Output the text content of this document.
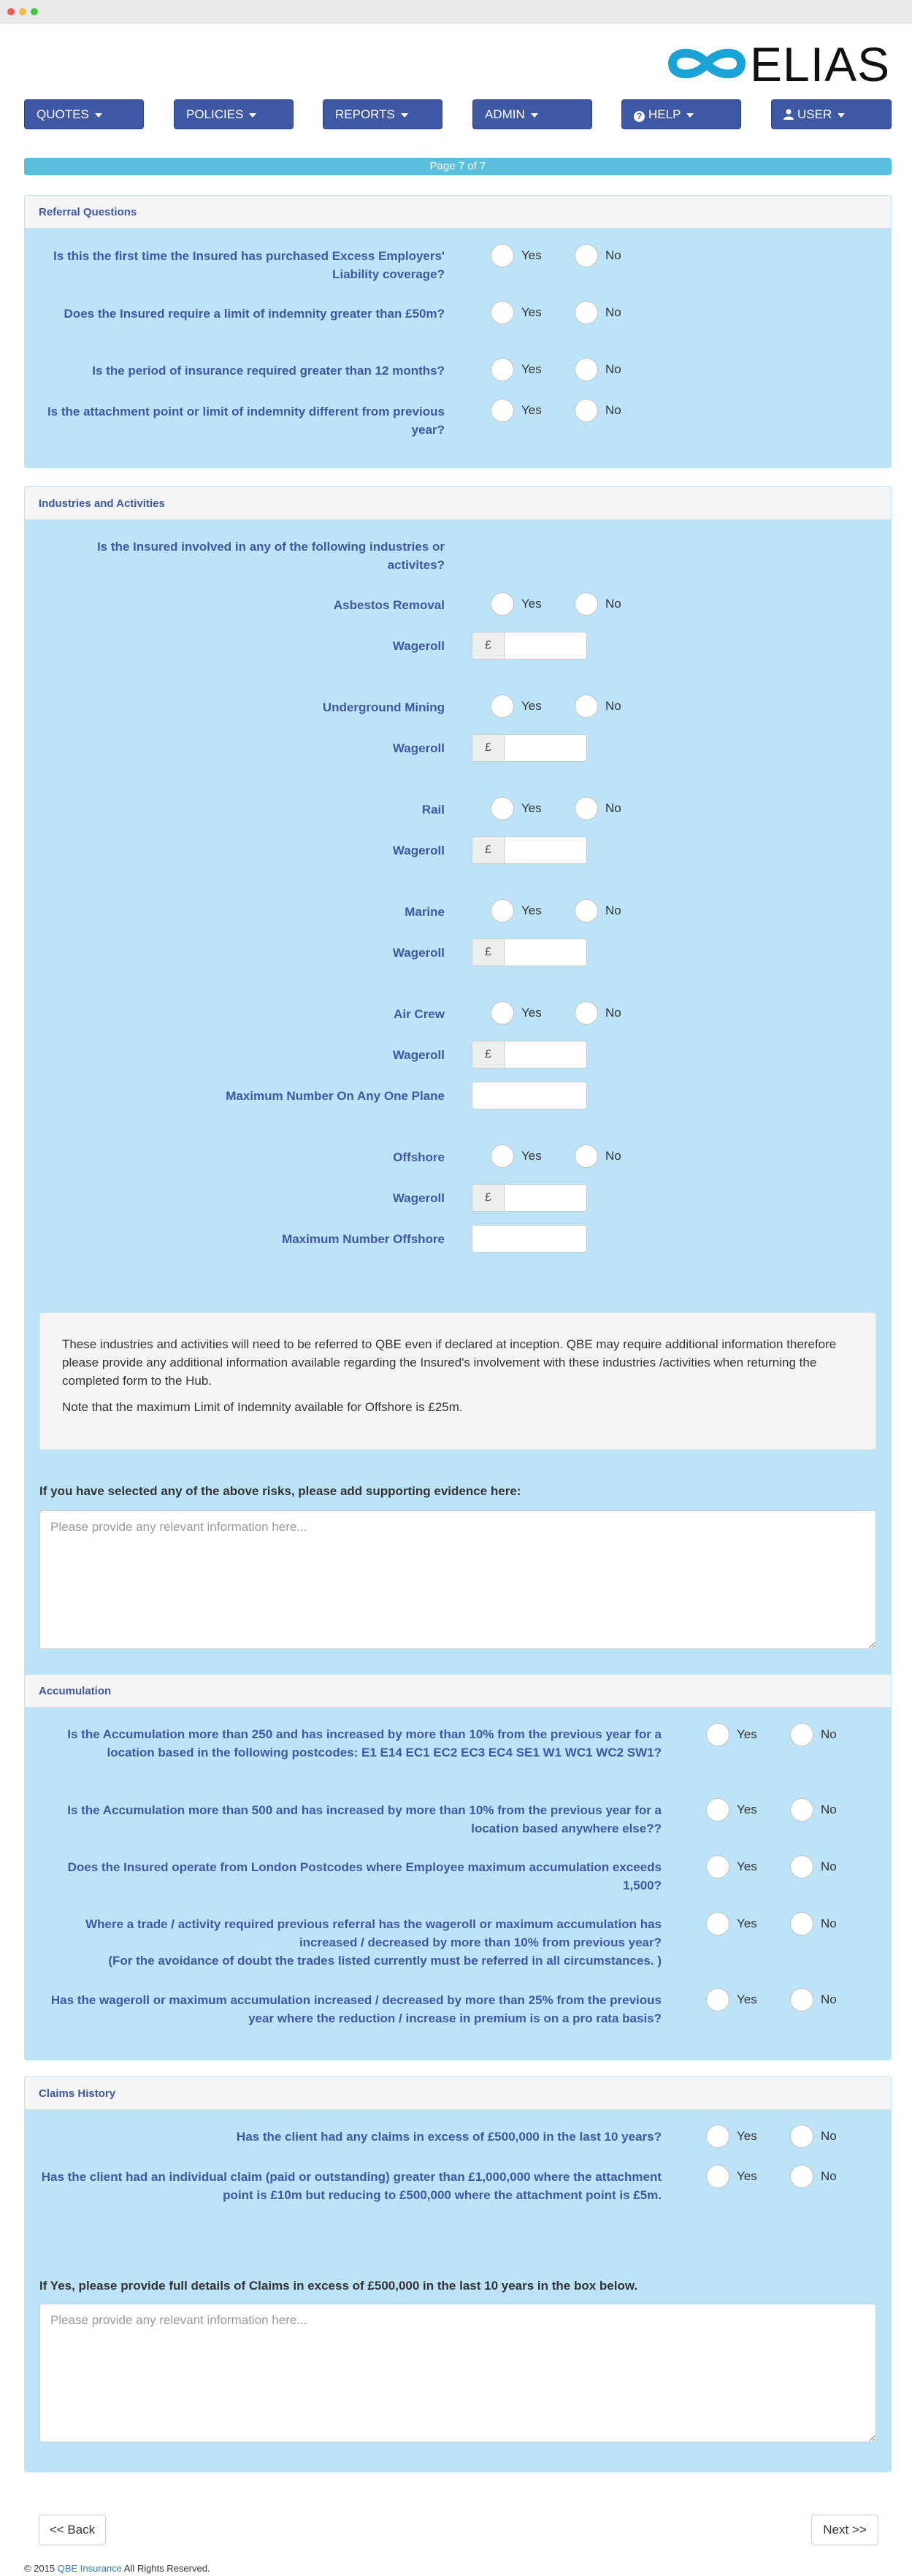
ELIAS
QUOTES	POLICIES	REPORTS	ADMIN	? HELP	USER
Page 7 of 7
Referral Questions
Is this the first time the Insured has purchased Excess Employers' Liability coverage?
Yes	No
Does the Insured require a limit of indemnity greater than £50m?	Yes	No
Is the period of insurance required greater than 12 months?	Yes	No
Is the attachment point or limit of indemnity different from previous year?
Yes	No
Industries and Activities
Is the Insured involved in any of the following industries or activites?
Asbestos Removal	Yes	No
Wageroll	£
Underground Mining	Yes	No
Wageroll	£
Rail	Yes	No
Wageroll	£
Marine	Yes	No
Wageroll	£
Air Crew	Yes	No
Wageroll	£
Maximum Number On Any One Plane
Offshore	Yes	No
Wageroll	£
Maximum Number Offshore

These industries and activities will need to be referred to QBE even if declared at inception. QBE may require additional information therefore please provide any additional information available regarding the Insured's involvement with these industries /activities when returning the completed form to the Hub.

Note that the maximum Limit of Indemnity available for Offshore is £25m.

If you have selected any of the above risks, please add supporting evidence here:
Please provide any relevant information here...
Accumulation
Is the Accumulation more than 250 and has increased by more than 10% from the previous year for a location based in the following postcodes: E1 E14 EC1 EC2 EC3 EC4 SE1 W1 WC1 WC2 SW1?
Yes	No
Is the Accumulation more than 500 and has increased by more than 10% from the previous year for a location based anywhere else??
Yes	No
Does the Insured operate from London Postcodes where Employee maximum accumulation exceeds 1,500?
Yes	No
Where a trade / activity required previous referral has the wageroll or maximum accumulation has increased / decreased by more than 10% from previous year?
(For the avoidance of doubt the trades listed currently must be referred in all circumstances. )
Yes	No
Has the wageroll or maximum accumulation increased / decreased by more than 25% from the previous year where the reduction / increase in premium is on a pro rata basis?
Yes	No
Claims History
Has the client had any claims in excess of £500,000 in the last 10 years?	Yes	No
Has the client had an individual claim (paid or outstanding) greater than £1,000,000 where the attachment point is £10m but reducing to £500,000 where the attachment point is £5m.
Yes	No
If Yes, please provide full details of Claims in excess of £500,000 in the last 10 years in the box below.
Please provide any relevant information here...
<< Back	Next >>
© 2015 QBE Insurance All Rights Reserved.
